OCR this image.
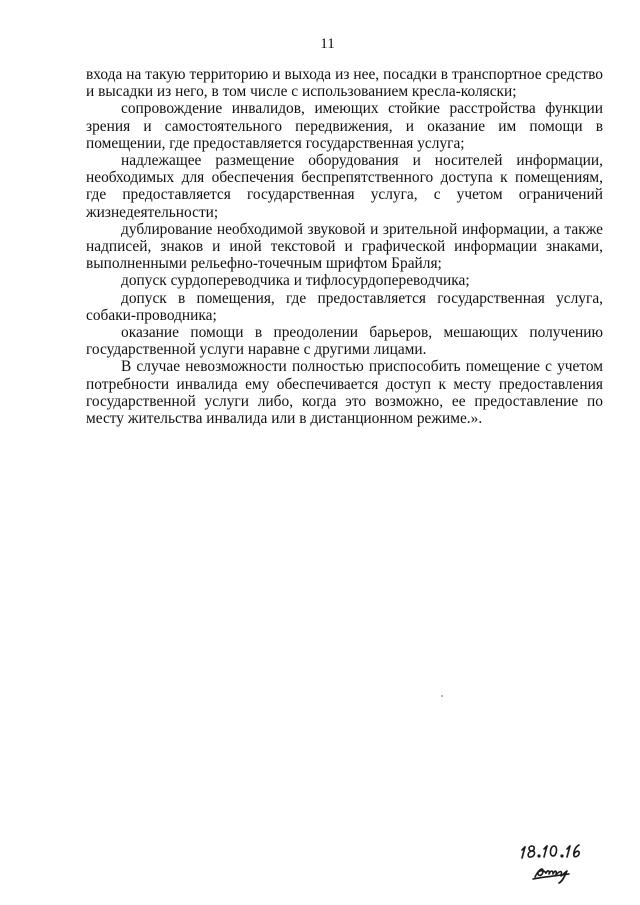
11

входа на такую территорию и выхода из нее, посадки в транспортное средство и высадки из него, в том числе с использованием кресла-коляски;

сопровождение инвалидов, имеющих стойкие расстройства функции зрения и самостоятельного передвижения, и оказание им помощи в помещении, где предоставляется государственная услуга;

надлежащее размещение оборудования и носителей информации, необходимых для обеспечения беспрепятственного доступа к помещениям, где предоставляется государственная услуга, с учетом ограничений жизнедеятельности;

дублирование необходимой звуковой и зрительной информации, а также надписей, знаков и иной текстовой и графической информации знаками, выполненными рельефно-точечным шрифтом Брайля;

допуск сурдопереводчика и тифлосурдопереводчика;

допуск в помещения, где предоставляется государственная услуга, собаки-проводника;

оказание помощи в преодолении барьеров, мешающих получению государственной услуги наравне с другими лицами.

В случае невозможности полностью приспособить помещение с учетом потребности инвалида ему обеспечивается доступ к месту предоставления государственной услуги либо, когда это возможно, ее предоставление по месту жительства инвалида или в дистанционном режиме.».
